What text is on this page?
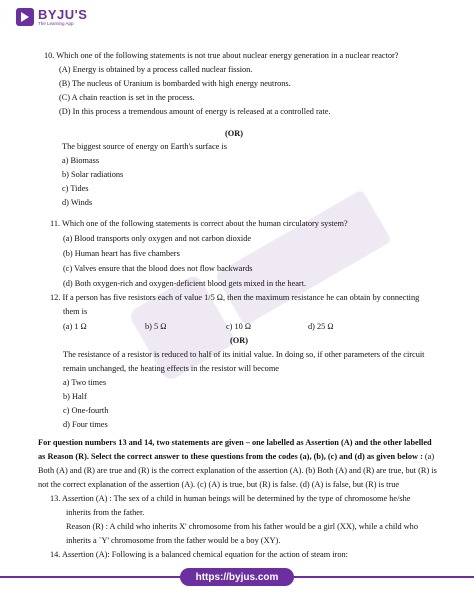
BYJU'S
The Learning App
10. Which one of the following statements is not true about nuclear energy generation in a nuclear reactor?
(A) Energy is obtained by a process called nuclear fission.
(B) The nucleus of Uranium is bombarded with high energy neutrons.
(C) A chain reaction is set in the process.
(D) In this process a tremendous amount of energy is released at a controlled rate.
(OR)
The biggest source of energy on Earth's surface is
a) Biomass
b) Solar radiations
c) Tides
d) Winds
11. Which one of the following statements is correct about the human circulatory system?
(a) Blood transports only oxygen and not carbon dioxide
(b) Human heart has five chambers
(c) Valves ensure that the blood does not flow backwards
(d) Both oxygen-rich and oxygen-deficient blood gets mixed in the heart.
12. If a person has five resistors each of value 1/5 Ω, then the maximum resistance he can obtain by connecting
them is
(a) 1 Ω	b) 5 Ω	c) 10 Ω	d) 25 Ω
(OR)
The resistance of a resistor is reduced to half of its initial value. In doing so, if other parameters of the circuit
remain unchanged, the heating effects in the resistor will become
a) Two times
b) Half
c) One-fourth
d) Four times
For question numbers 13 and 14, two statements are given – one labelled as Assertion (A) and the other labelled
as Reason (R). Select the correct answer to these questions from the codes (a), (b), (c) and (d) as given below : (a)
Both (A) and (R) are true and (R) is the correct explanation of the assertion (A). (b) Both (A) and (R) are true, but (R) is
not the correct explanation of the assertion (A). (c) (A) is true, but (R) is false. (d) (A) is false, but (R) is true
13. Assertion (A) : The sex of a child in human beings will be determined by the type of chromosome he/she
inherits from the father.
Reason (R) : A child who inherits X' chromosome from his father would be a girl (XX), while a child who
inherits a `Y' chromosome from the father would be a boy (XY).
14. Assertion (A): Following is a balanced chemical equation for the action of steam iron:
https://byjus.com
